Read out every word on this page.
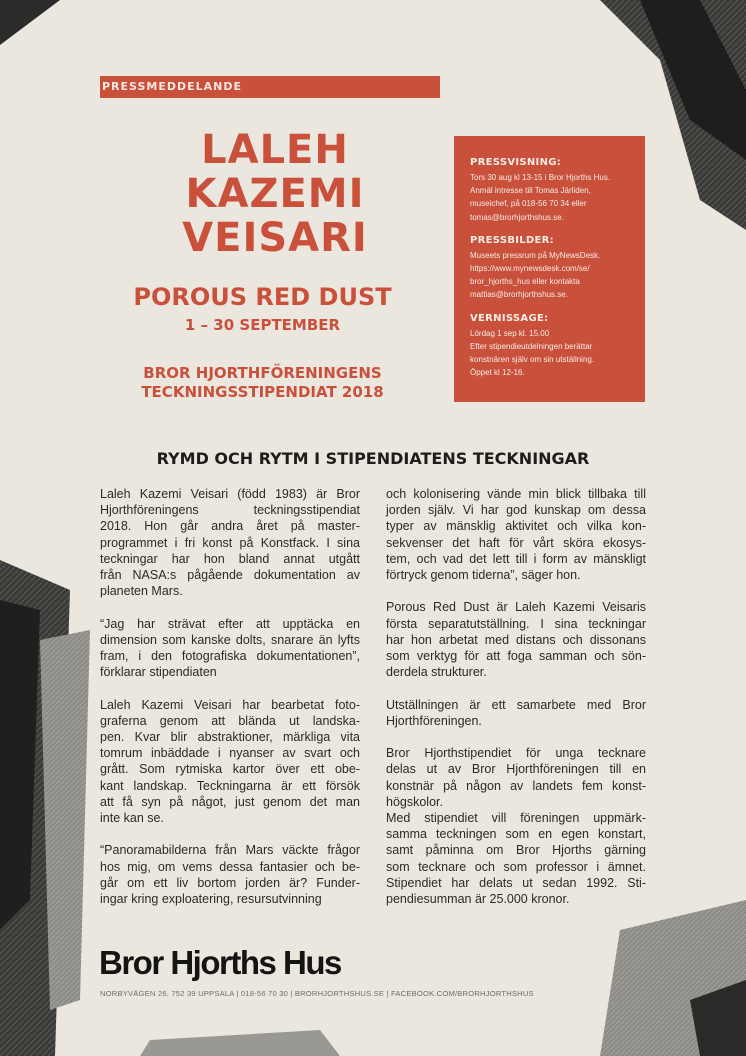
PRESSMEDDELANDE
LALEH
KAZEMI
VEISARI
POROUS RED DUST
1 – 30 SEPTEMBER
BROR HJORTHFÖRENINGENS
TECKNINGSSTIPENDIAT 2018
PRESSVISNING:
Tors 30 aug kl 13-15 i Bror Hjorths Hus.
Anmäl intresse till Tomas Järliden,
museichef, på 018-56 70 34 eller
tomas@brorhjorthshus.se.
PRESSBILDER:
Museets pressrum på MyNewsDesk.
https://www.mynewsdesk.com/se/
bror_hjorths_hus eller kontakta
mattias@brorhjorthshus.se.
VERNISSAGE:
Lördag 1 sep kl. 15.00
Efter stipendieutdelningen berättar
konstnären själv om sin utställning.
Öppet kl 12-16.
RYMD OCH RYTM I STIPENDIATENS TECKNINGAR

Laleh Kazemi Veisari (född 1983) är Bror
Hjorthföreningens teckningsstipendiat
2018. Hon går andra året på master-
programmet i fri konst på Konstfack. I sina
teckningar har hon bland annat utgått
från NASA:s pågående dokumentation av
planeten Mars.

“Jag har strävat efter att upptäcka en
dimension som kanske dolts, snarare än lyfts
fram, i den fotografiska dokumentationen”,
förklarar stipendiaten

Laleh Kazemi Veisari har bearbetat foto-
graferna genom att blända ut landska-
pen. Kvar blir abstraktioner, märkliga vita
tomrum inbäddade i nyanser av svart och
grått. Som rytmiska kartor över ett obe-
kant landskap. Teckningarna är ett försök
att få syn på något, just genom det man
inte kan se.

“Panoramabilderna från Mars väckte frågor
hos mig, om vems dessa fantasier och be-
går om ett liv bortom jorden är? Funder-
ingar kring exploatering, resursutvinning

och kolonisering vände min blick tillbaka till
jorden själv. Vi har god kunskap om dessa
typer av mänsklig aktivitet och vilka kon-
sekvenser det haft för vårt sköra ekosys-
tem, och vad det lett till i form av mänskligt
förtryck genom tiderna”, säger hon.

Porous Red Dust är Laleh Kazemi Veisaris
första separatutställning. I sina teckningar
har hon arbetat med distans och dissonans
som verktyg för att foga samman och sön-
derdela strukturer.

Utställningen är ett samarbete med Bror
Hjorthföreningen.

Bror Hjorthstipendiet för unga tecknare
delas ut av Bror Hjorthföreningen till en
konstnär på någon av landets fem konst-
högskolor.

Med stipendiet vill föreningen uppmärk-
samma teckningen som en egen konstart,
samt påminna om Bror Hjorths gärning
som tecknare och som professor i ämnet.
Stipendiet har delats ut sedan 1992. Sti-
pendiesumman är 25.000 kronor.

Bror Hjorths Hus
NORBYVÄGEN 26, 752 39 UPPSALA | 018-56 70 30 | BRORHJORTHSHUS.SE | FACEBOOK.COM/BRORHJORTHSHUS
